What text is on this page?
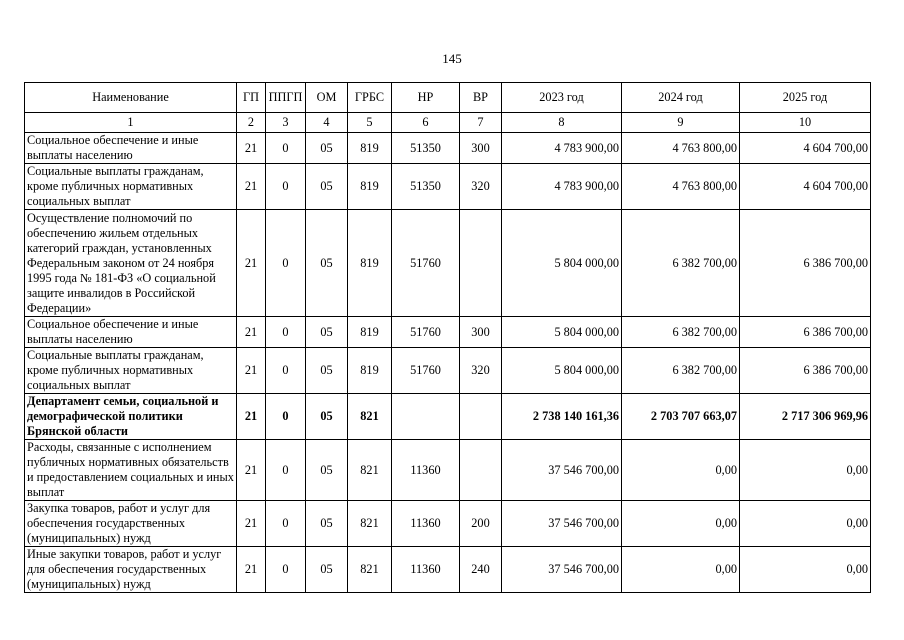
145
Наименование	ГП	ППГП	ОМ	ГРБС	НР	ВР	2023 год	2024 год	2025 год
1	2	3	4	5	6	7	8	9	10
Социальное обеспечение и иные выплаты населению	21	0	05	819	51350	300	4 783 900,00	4 763 800,00	4 604 700,00
Социальные выплаты гражданам, кроме публичных нормативных социальных выплат	21	0	05	819	51350	320	4 783 900,00	4 763 800,00	4 604 700,00
Осуществление полномочий по обеспечению жильем отдельных категорий граждан, установленных Федеральным законом от 24 ноября 1995 года № 181-ФЗ «О социальной защите инвалидов в Российской Федерации»	21	0	05	819	51760		5 804 000,00	6 382 700,00	6 386 700,00
Социальное обеспечение и иные выплаты населению	21	0	05	819	51760	300	5 804 000,00	6 382 700,00	6 386 700,00
Социальные выплаты гражданам, кроме публичных нормативных социальных выплат	21	0	05	819	51760	320	5 804 000,00	6 382 700,00	6 386 700,00
Департамент семьи, социальной и демографической политики Брянской области	21	0	05	821			2 738 140 161,36	2 703 707 663,07	2 717 306 969,96
Расходы, связанные с исполнением публичных нормативных обязательств и предоставлением социальных и иных выплат	21	0	05	821	11360		37 546 700,00	0,00	0,00
Закупка товаров, работ и услуг для обеспечения государственных (муниципальных) нужд	21	0	05	821	11360	200	37 546 700,00	0,00	0,00
Иные закупки товаров, работ и услуг для обеспечения государственных (муниципальных) нужд	21	0	05	821	11360	240	37 546 700,00	0,00	0,00
